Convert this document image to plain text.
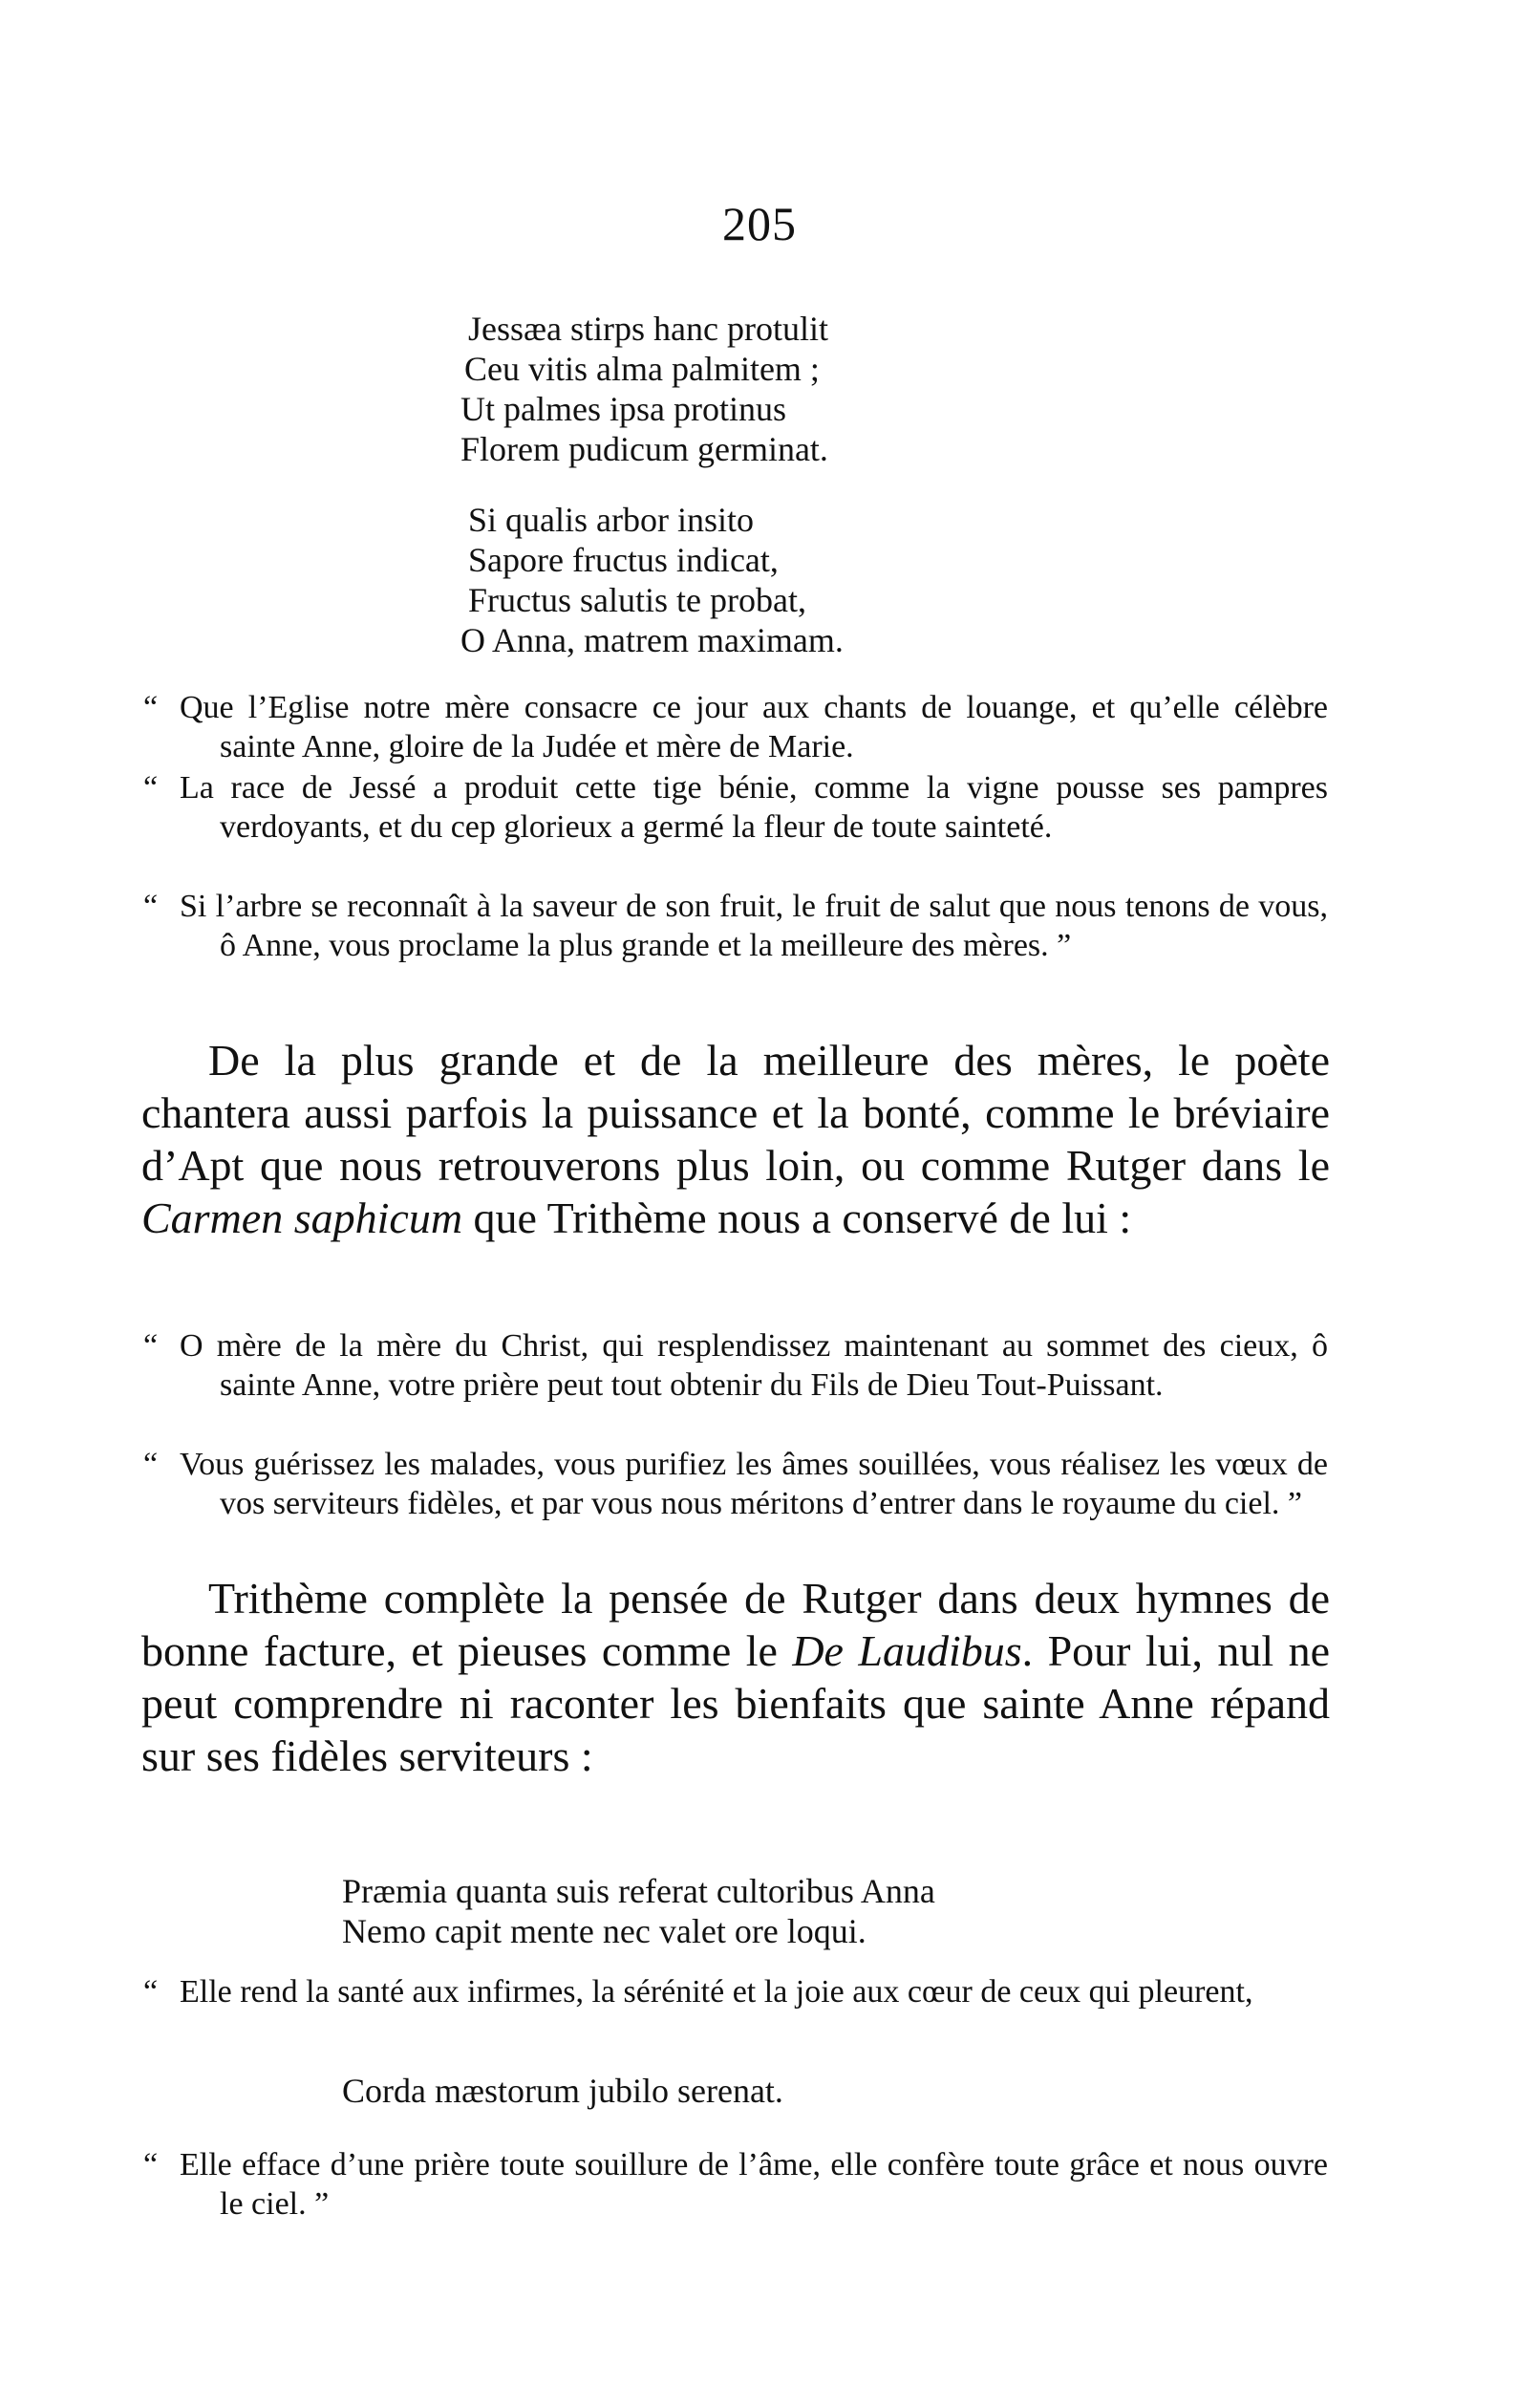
205
Jessæa stirps hanc protulit
Ceu vitis alma palmitem ;
Ut palmes ipsa protinus
Florem pudicum germinat.
Si qualis arbor insito
Sapore fructus indicat,
Fructus salutis te probat,
O Anna, matrem maximam.
“ Que l’Eglise notre mère consacre ce jour aux chants de louange, et qu’elle célèbre sainte Anne, gloire de la Judée et mère de Marie.
“ La race de Jessé a produit cette tige bénie, comme la vigne pousse ses pampres verdoyants, et du cep glorieux a germé la fleur de toute sainteté.
“ Si l’arbre se reconnaît à la saveur de son fruit, le fruit de salut que nous tenons de vous, ô Anne, vous proclame la plus grande et la meilleure des mères. ”
De la plus grande et de la meilleure des mères, le poète chantera aussi parfois la puissance et la bonté, comme le bréviaire d’Apt que nous retrouverons plus loin, ou comme Rutger dans le Carmen saphicum que Trithème nous a conservé de lui :
“ O mère de la mère du Christ, qui resplendissez maintenant au sommet des cieux, ô sainte Anne, votre prière peut tout obtenir du Fils de Dieu Tout-Puissant.
“ Vous guérissez les malades, vous purifiez les âmes souillées, vous réalisez les vœux de vos serviteurs fidèles, et par vous nous méritons d’entrer dans le royaume du ciel. ”
Trithème complète la pensée de Rutger dans deux hymnes de bonne facture, et pieuses comme le De Laudibus. Pour lui, nul ne peut comprendre ni raconter les bienfaits que sainte Anne répand sur ses fidèles serviteurs :
Præmia quanta suis referat cultoribus Anna
Nemo capit mente nec valet ore loqui.
“ Elle rend la santé aux infirmes, la sérénité et la joie aux cœur de ceux qui pleurent,
Corda mæstorum jubilo serenat.
“ Elle efface d’une prière toute souillure de l’âme, elle confère toute grâce et nous ouvre le ciel. ”
